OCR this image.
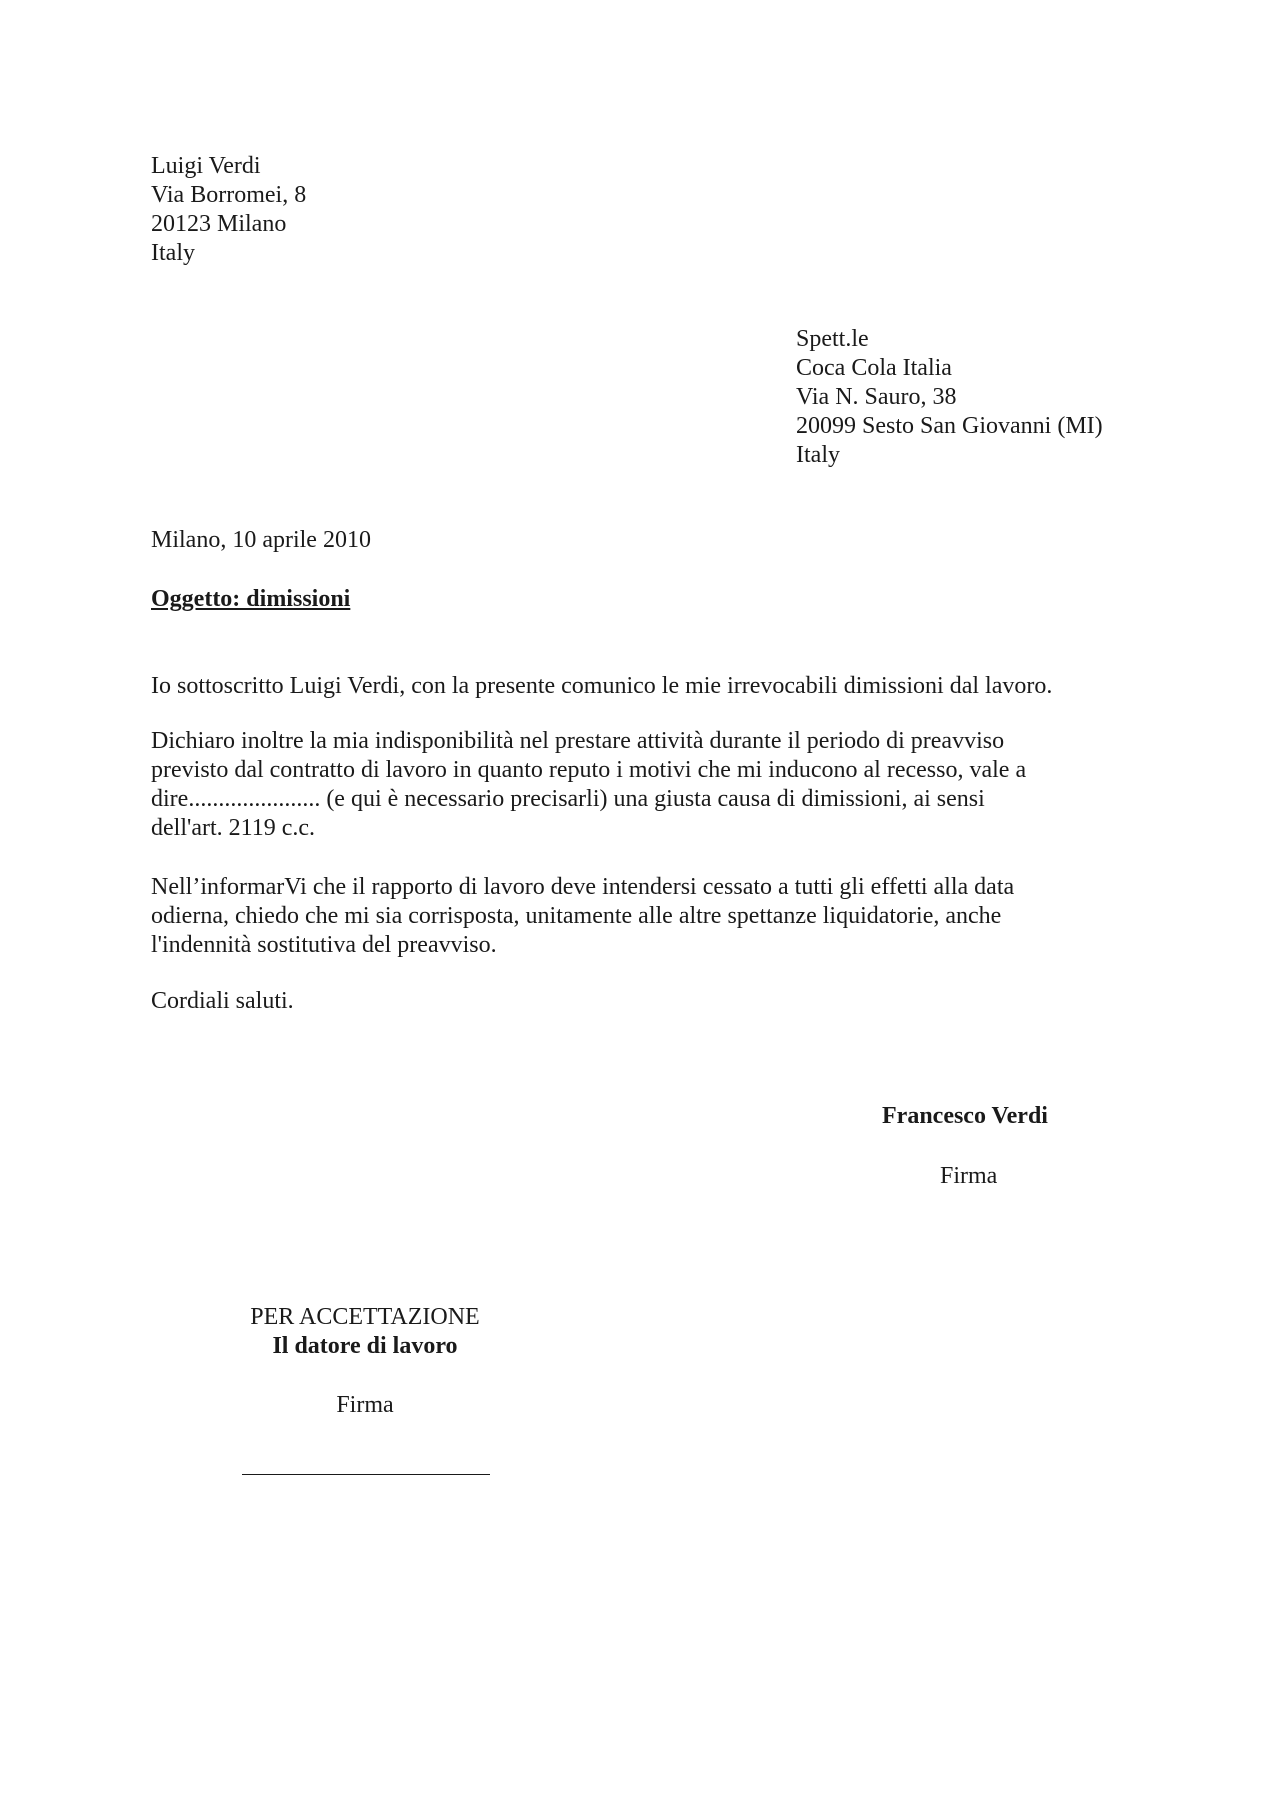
Luigi Verdi
Via Borromei, 8
20123 Milano
Italy
Spett.le
Coca Cola Italia
Via N. Sauro, 38
20099 Sesto San Giovanni (MI)
Italy
Milano, 10 aprile 2010
Oggetto: dimissioni
Io sottoscritto Luigi Verdi, con la presente comunico le mie irrevocabili dimissioni dal lavoro.
Dichiaro inoltre la mia indisponibilità nel prestare attività durante il periodo di preavviso
previsto dal contratto di lavoro in quanto reputo i motivi che mi inducono al recesso, vale a
dire...................... (e qui è necessario precisarli) una giusta causa di dimissioni, ai sensi
dell'art. 2119 c.c.
Nell’informarVi che il rapporto di lavoro deve intendersi cessato a tutti gli effetti alla data
odierna, chiedo che mi sia corrisposta, unitamente alle altre spettanze liquidatorie, anche
l'indennità sostitutiva del preavviso.
Cordiali saluti.
Francesco Verdi
Firma
PER ACCETTAZIONE
Il datore di lavoro
Firma
